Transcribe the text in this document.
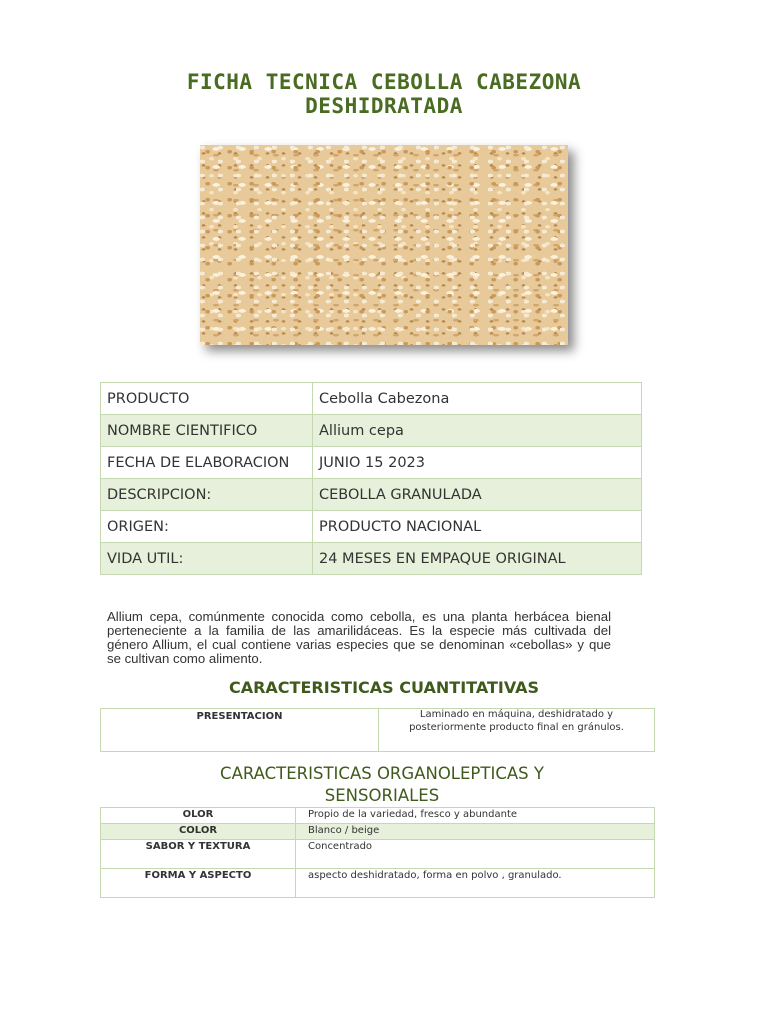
FICHA TECNICA CEBOLLA CABEZONA
DESHIDRATADA
PRODUCTO	Cebolla Cabezona
NOMBRE CIENTIFICO	Allium cepa
FECHA DE ELABORACION	JUNIO 15 2023
DESCRIPCION:	CEBOLLA GRANULADA
ORIGEN:	PRODUCTO NACIONAL
VIDA UTIL:	24 MESES EN EMPAQUE ORIGINAL
Allium cepa, comúnmente conocida como cebolla, es una planta herbácea bienal perteneciente a la familia de las amarilidáceas. Es la especie más cultivada del género Allium, el cual contiene varias especies que se denominan «cebollas» y que se cultivan como alimento.
CARACTERISTICAS CUANTITATIVAS
PRESENTACION	Laminado en máquina, deshidratado y posteriormente producto final en gránulos.
CARACTERISTICAS ORGANOLEPTICAS Y SENSORIALES
OLOR	Propio de la variedad, fresco y abundante
COLOR	Blanco / beige
SABOR Y TEXTURA	Concentrado
FORMA Y ASPECTO	aspecto deshidratado, forma en polvo , granulado.
